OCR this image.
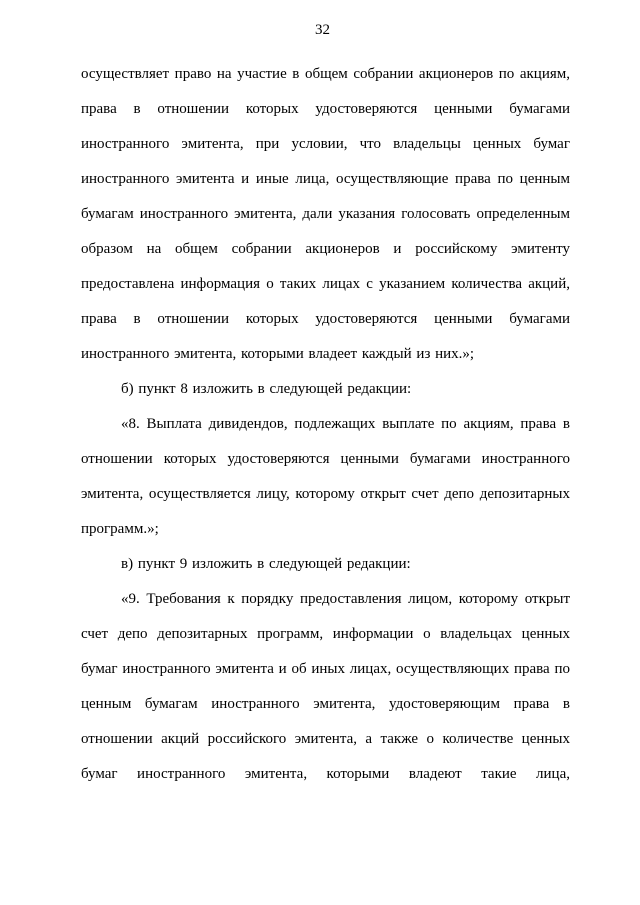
32

осуществляет право на участие в общем собрании акционеров по акциям, права в отношении которых удостоверяются ценными бумагами иностранного эмитента, при условии, что владельцы ценных бумаг иностранного эмитента и иные лица, осуществляющие права по ценным бумагам иностранного эмитента, дали указания голосовать определенным образом на общем собрании акционеров и российскому эмитенту предоставлена информация о таких лицах с указанием количества акций, права в отношении которых удостоверяются ценными бумагами иностранного эмитента, которыми владеет каждый из них.»;

б) пункт 8 изложить в следующей редакции:

«8. Выплата дивидендов, подлежащих выплате по акциям, права в отношении которых удостоверяются ценными бумагами иностранного эмитента, осуществляется лицу, которому открыт счет депо депозитарных программ.»;

в) пункт 9 изложить в следующей редакции:

«9. Требования к порядку предоставления лицом, которому открыт счет депо депозитарных программ, информации о владельцах ценных бумаг иностранного эмитента и об иных лицах, осуществляющих права по ценным бумагам иностранного эмитента, удостоверяющим права в отношении акций российского эмитента, а также о количестве ценных бумаг иностранного эмитента, которыми владеют такие лица,
